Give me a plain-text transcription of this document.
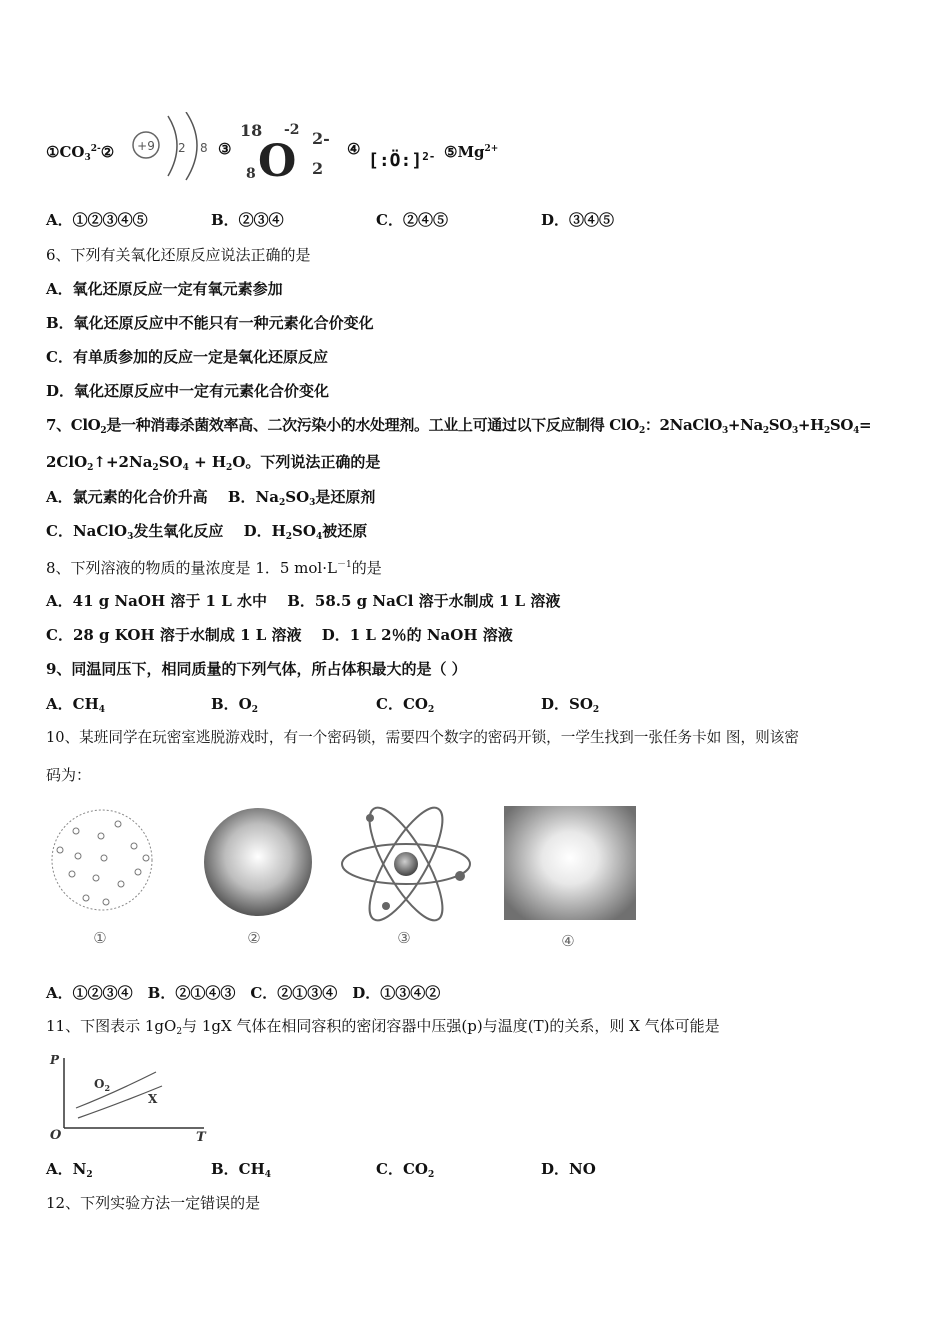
$①CO_3^{2-}② +9$ 2 8 ③
18
8 O
-2 2-
2
④
[:Ö:]$^{2-}$ $⑤Mg^{2+}$
A．①②③④⑤	B．②③④	C．②④⑤	D．③④⑤
6、下列有关氧化还原反应说法正确的是
A．氧化还原反应一定有氧元素参加
B．氧化还原反应中不能只有一种元素化合价变化
C．有单质参加的反应一定是氧化还原反应
D．氧化还原反应中一定有元素化合价变化
7、ClO$_2$是一种消毒杀菌效率高、二次污染小的水处理剂。工业上可通过以下反应制得 ClO$_2$：$2NaClO_3+Na_2SO_3+H_2SO_4=$
$2ClO_2↑+2Na_2SO_4 + H_2O$。下列说法正确的是
A．氯元素的化合价升高　 B．$Na_2SO_3$是还原剂
C．NaClO$_3$发生氧化反应　 D．$H_2SO_4$被还原
8、下列溶液的物质的量浓度是 1．5 $mol\cdot L^{-1}$的是
A．41 g NaOH 溶于 1 L 水中　 B．58.5 g NaCl 溶于水制成 1 L 溶液
C．28 g KOH 溶于水制成 1 L 溶液　 D．1 L 2％的 NaOH 溶液
9、同温同压下，相同质量的下列气体，所占体积最大的是（ ）
A．$CH_4$	B．$O_2$	C．$CO_2$	D．$SO_2$
10、某班同学在玩密室逃脱游戏时，有一个密码锁，需要四个数字的密码开锁，一学生找到一张任务卡如 图，则该密
码为：
①	②	③	④
A．①②③④　B．②①④③　C．②①③④　D．①③④②
11、下图表示 $1gO_2$与 1gX 气体在相同容积的密闭容器中压强(p)与温度(T)的关系，则 X 气体可能是
P
T
O
$O_2$
X
A．$N_2$	B．$CH_4$	C．$CO_2$	D．NO
12、下列实验方法一定错误的是
